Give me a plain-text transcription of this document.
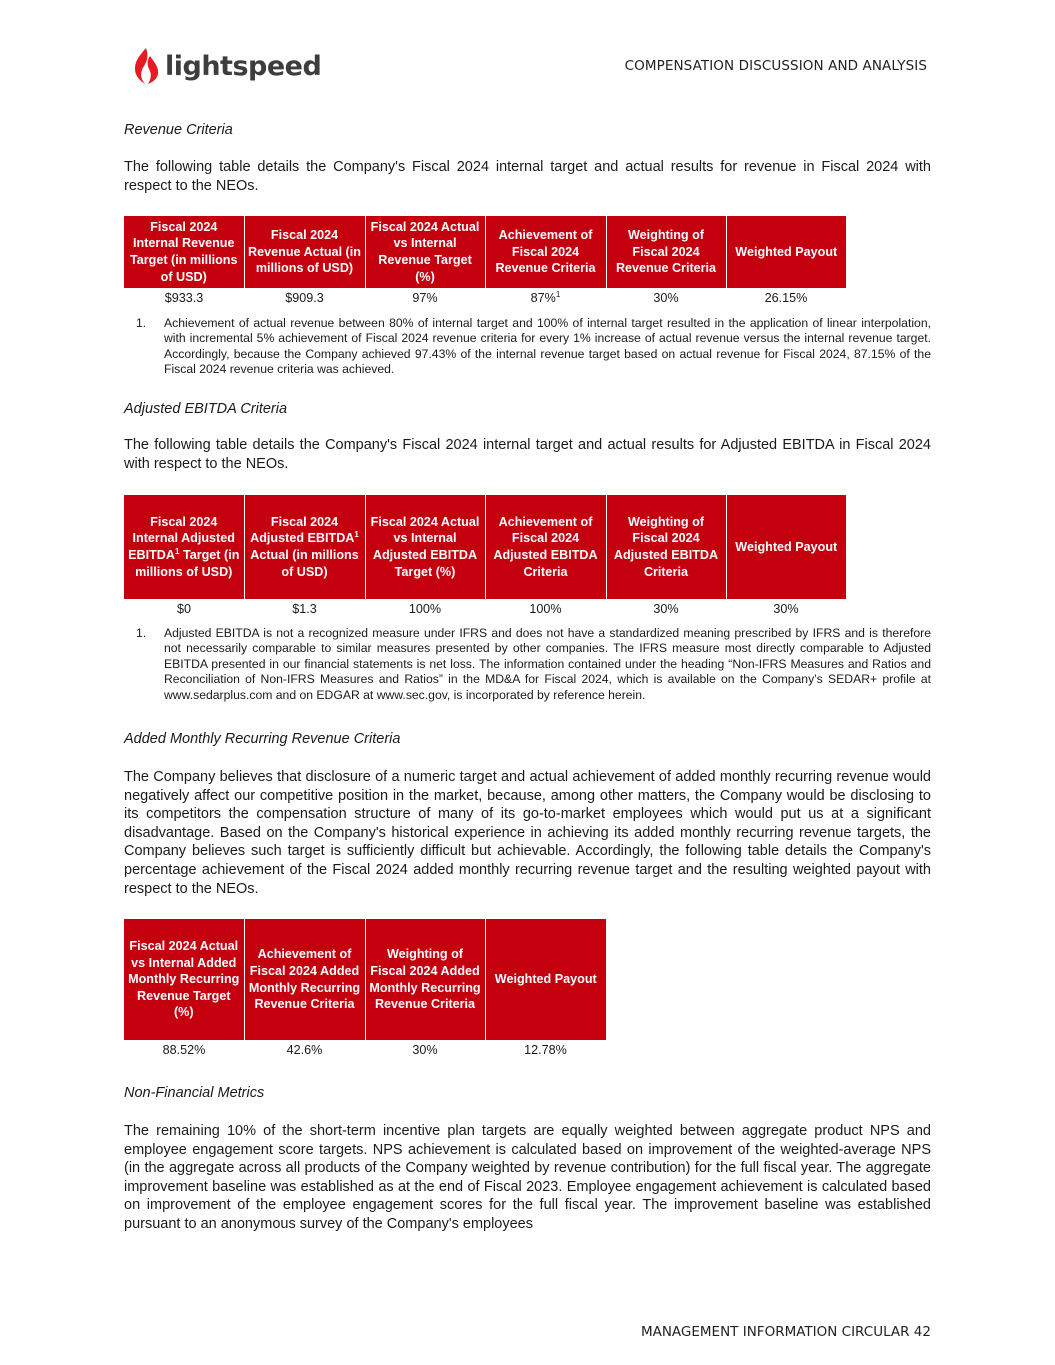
lightspeed	COMPENSATION DISCUSSION AND ANALYSIS
Revenue Criteria

The following table details the Company's Fiscal 2024 internal target and actual results for revenue in Fiscal 2024 with respect to the NEOs.

Fiscal 2024 Internal Revenue Target (in millions of USD)	Fiscal 2024 Revenue Actual (in millions of USD)	Fiscal 2024 Actual vs Internal Revenue Target (%)	Achievement of Fiscal 2024 Revenue Criteria	Weighting of Fiscal 2024 Revenue Criteria	Weighted Payout
$933.3	$909.3	97%	87%$^1$	30%	26.15%
1.	Achievement of actual revenue between 80% of internal target and 100% of internal target resulted in the application of linear interpolation, with incremental 5% achievement of Fiscal 2024 revenue criteria for every 1% increase of actual revenue versus the internal revenue target. Accordingly, because the Company achieved 97.43% of the internal revenue target based on actual revenue for Fiscal 2024, 87.15% of the Fiscal 2024 revenue criteria was achieved.
Adjusted EBITDA Criteria

The following table details the Company's Fiscal 2024 internal target and actual results for Adjusted EBITDA in Fiscal 2024 with respect to the NEOs.

Fiscal 2024 Internal Adjusted EBITDA$^1$ Target (in millions of USD)	Fiscal 2024 Adjusted EBITDA$^1$ Actual (in millions of USD)	Fiscal 2024 Actual vs Internal Adjusted EBITDA Target (%)	Achievement of Fiscal 2024 Adjusted EBITDA Criteria	Weighting of Fiscal 2024 Adjusted EBITDA Criteria	Weighted Payout
$0	$1.3	100%	100%	30%	30%
1.	Adjusted EBITDA is not a recognized measure under IFRS and does not have a standardized meaning prescribed by IFRS and is therefore not necessarily comparable to similar measures presented by other companies. The IFRS measure most directly comparable to Adjusted EBITDA presented in our financial statements is net loss. The information contained under the heading “Non-IFRS Measures and Ratios and Reconciliation of Non-IFRS Measures and Ratios” in the MD&A for Fiscal 2024, which is available on the Company’s SEDAR+ profile at www.sedarplus.com and on EDGAR at www.sec.gov, is incorporated by reference herein.
Added Monthly Recurring Revenue Criteria

The Company believes that disclosure of a numeric target and actual achievement of added monthly recurring revenue would negatively affect our competitive position in the market, because, among other matters, the Company would be disclosing to its competitors the compensation structure of many of its go-to-market employees which would put us at a significant disadvantage. Based on the Company's historical experience in achieving its added monthly recurring revenue targets, the Company believes such target is sufficiently difficult but achievable. Accordingly, the following table details the Company's percentage achievement of the Fiscal 2024 added monthly recurring revenue target and the resulting weighted payout with respect to the NEOs.

Fiscal 2024 Actual vs Internal Added Monthly Recurring Revenue Target (%)	Achievement of Fiscal 2024 Added Monthly Recurring Revenue Criteria	Weighting of Fiscal 2024 Added Monthly Recurring Revenue Criteria	Weighted Payout
88.52%	42.6%	30%	12.78%
Non-Financial Metrics

The remaining 10% of the short-term incentive plan targets are equally weighted between aggregate product NPS and employee engagement score targets. NPS achievement is calculated based on improvement of the weighted-average NPS (in the aggregate across all products of the Company weighted by revenue contribution) for the full fiscal year. The aggregate improvement baseline was established as at the end of Fiscal 2023. Employee engagement achievement is calculated based on improvement of the employee engagement scores for the full fiscal year. The improvement baseline was established pursuant to an anonymous survey of the Company's employees

MANAGEMENT INFORMATION CIRCULAR 42
